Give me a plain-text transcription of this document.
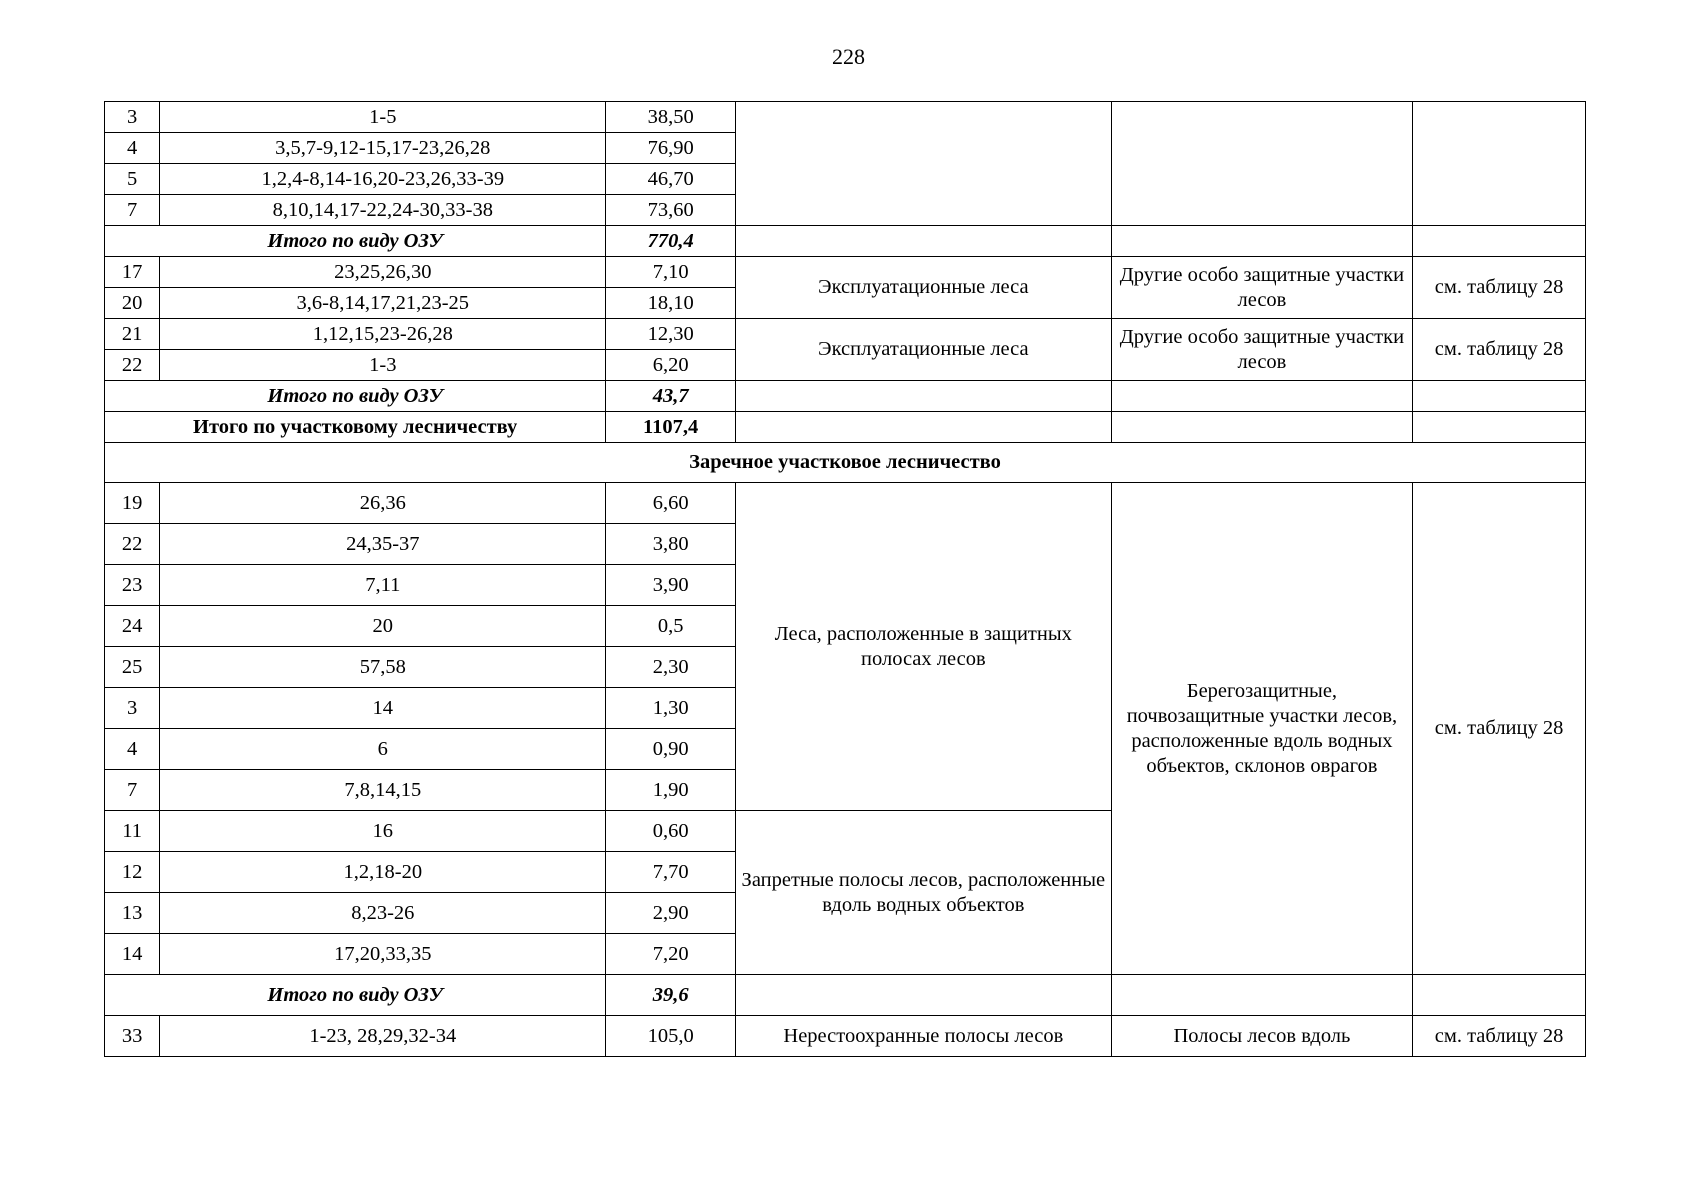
228
3	1-5	38,50			
4	3,5,7-9,12-15,17-23,26,28	76,90			
5	1,2,4-8,14-16,20-23,26,33-39	46,70			
7	8,10,14,17-22,24-30,33-38	73,60			
Итого по виду ОЗУ		770,4			
17	23,25,26,30	7,10	Эксплуатационные леса	Другие особо защитные участки лесов	см. таблицу 28
20	3,6-8,14,17,21,23-25	18,10			
21	1,12,15,23-26,28	12,30	Эксплуатационные леса	Другие особо защитные участки лесов	см. таблицу 28
22	1-3	6,20			
Итого по виду ОЗУ		43,7			
Итого по участковому лесничеству		1107,4			
Заречное участковое лесничество					
19	26,36	6,60	Леса, расположенные в защитных полосах лесов	Берегозащитные, почвозащитные участки лесов, расположенные вдоль водных объектов, склонов оврагов	см. таблицу 28
22	24,35-37	3,80			
23	7,11	3,90			
24	20	0,5			
25	57,58	2,30			
3	14	1,30			
4	6	0,90			
7	7,8,14,15	1,90			
11	16	0,60	Запретные полосы лесов, расположенные вдоль водных объектов		
12	1,2,18-20	7,70			
13	8,23-26	2,90			
14	17,20,33,35	7,20			
Итого по виду ОЗУ		39,6			
33	1-23, 28,29,32-34	105,0	Нерестоохранные полосы лесов	Полосы лесов вдоль	см. таблицу 28
